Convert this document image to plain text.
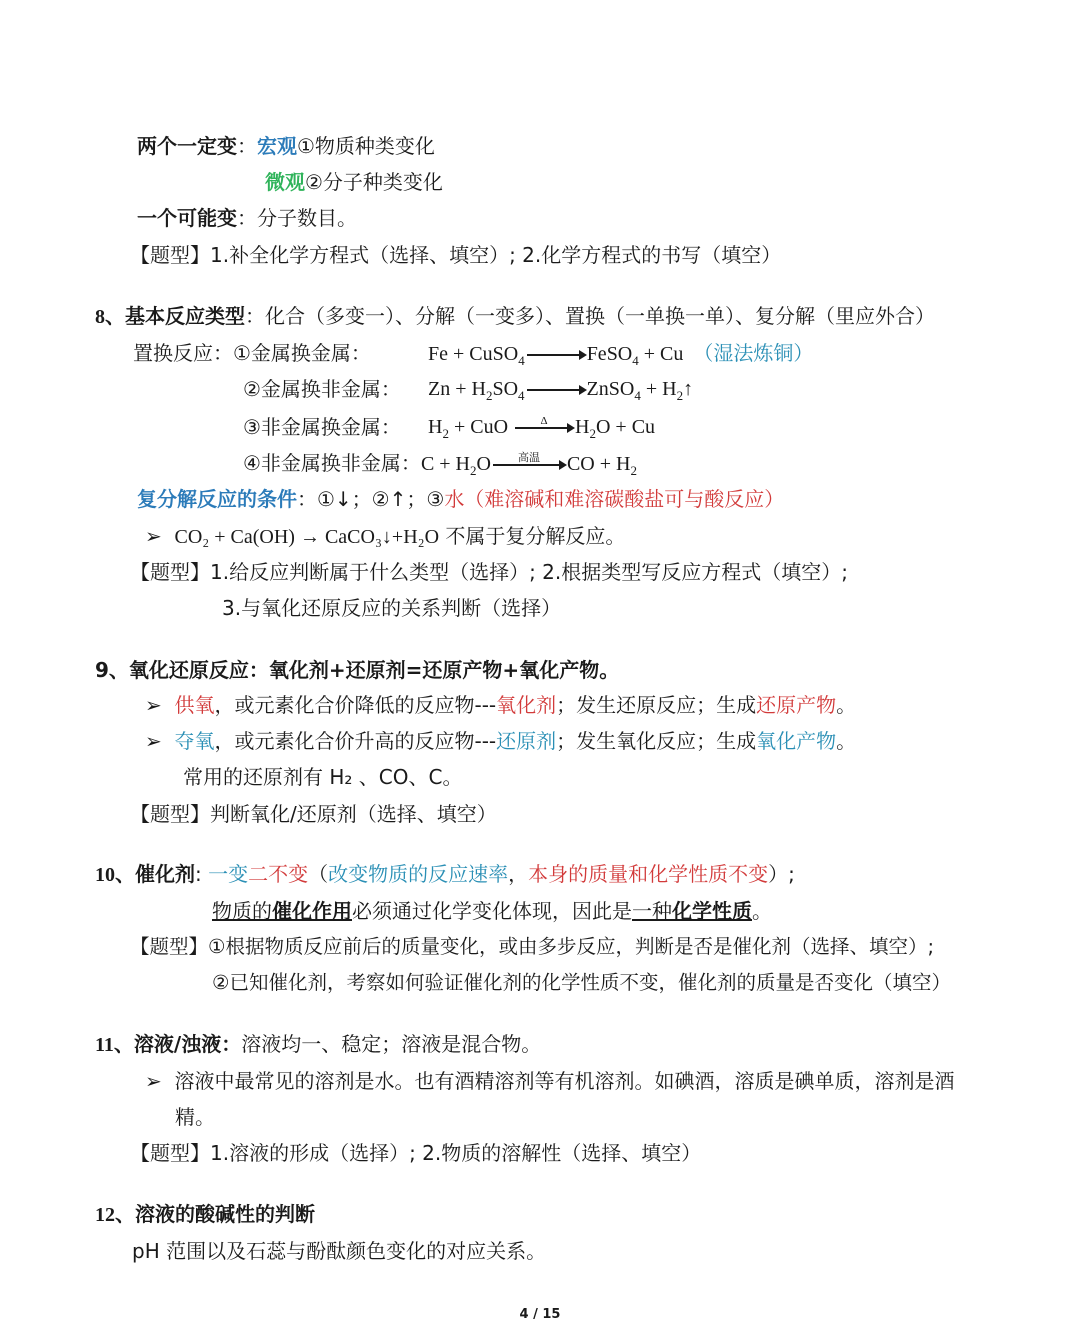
两个一定变：宏观①物质种类变化
微观②分子种类变化
一个可能变：分子数目。
【题型】1.补全化学方程式（选择、填空）; 2.化学方程式的书写（填空）
8、基本反应类型：化合（多变一）、分解（一变多）、置换（一单换一单）、复分解（里应外合）
置换反应：①金属换金属：	Fe + CuSO$_4$	FeSO$_4$ + Cu （湿法炼铜）
②金属换非金属： $Zn + H_2SO_4$	ZnSO$_4$ + $H_2↑$
③非金属换金属： $H_2$ + CuO	Δ	$H_2O + Cu$
④非金属换非金属：$C + H_2O$	高温	CO + $H_2$
复分解反应的条件：①↓；②↑；③水（难溶碱和难溶碳酸盐可与酸反应）
➢ CO₂ + Ca(OH) → CaCO₃↓+H₂O 不属于复分解反应。
【题型】1.给反应判断属于什么类型（选择）; 2.根据类型写反应方程式（填空）;
3.与氧化还原反应的关系判断（选择）
9、氧化还原反应：氧化剂+还原剂=还原产物+氧化产物。
➢ 供氧，或元素化合价降低的反应物---氧化剂；发生还原反应；生成还原产物。
➢ 夺氧，或元素化合价升高的反应物---还原剂；发生氧化反应；生成氧化产物。
常用的还原剂有 H₂ 、CO、C。
【题型】判断氧化/还原剂（选择、填空）
10、催化剂: 一变二不变（改变物质的反应速率，本身的质量和化学性质不变）;
物质的催化作用必须通过化学变化体现，因此是一种化学性质。
【题型】①根据物质反应前后的质量变化，或由多步反应，判断是否是催化剂（选择、填空）;
②已知催化剂，考察如何验证催化剂的化学性质不变，催化剂的质量是否变化（填空）
11、溶液/浊液：溶液均一、稳定；溶液是混合物。
➢ 溶液中最常见的溶剂是水。也有酒精溶剂等有机溶剂。如碘酒，溶质是碘单质，溶剂是酒
精。
【题型】1.溶液的形成（选择）; 2.物质的溶解性（选择、填空）
12、溶液的酸碱性的判断
pH 范围以及石蕊与酚酞颜色变化的对应关系。
4 / 15
